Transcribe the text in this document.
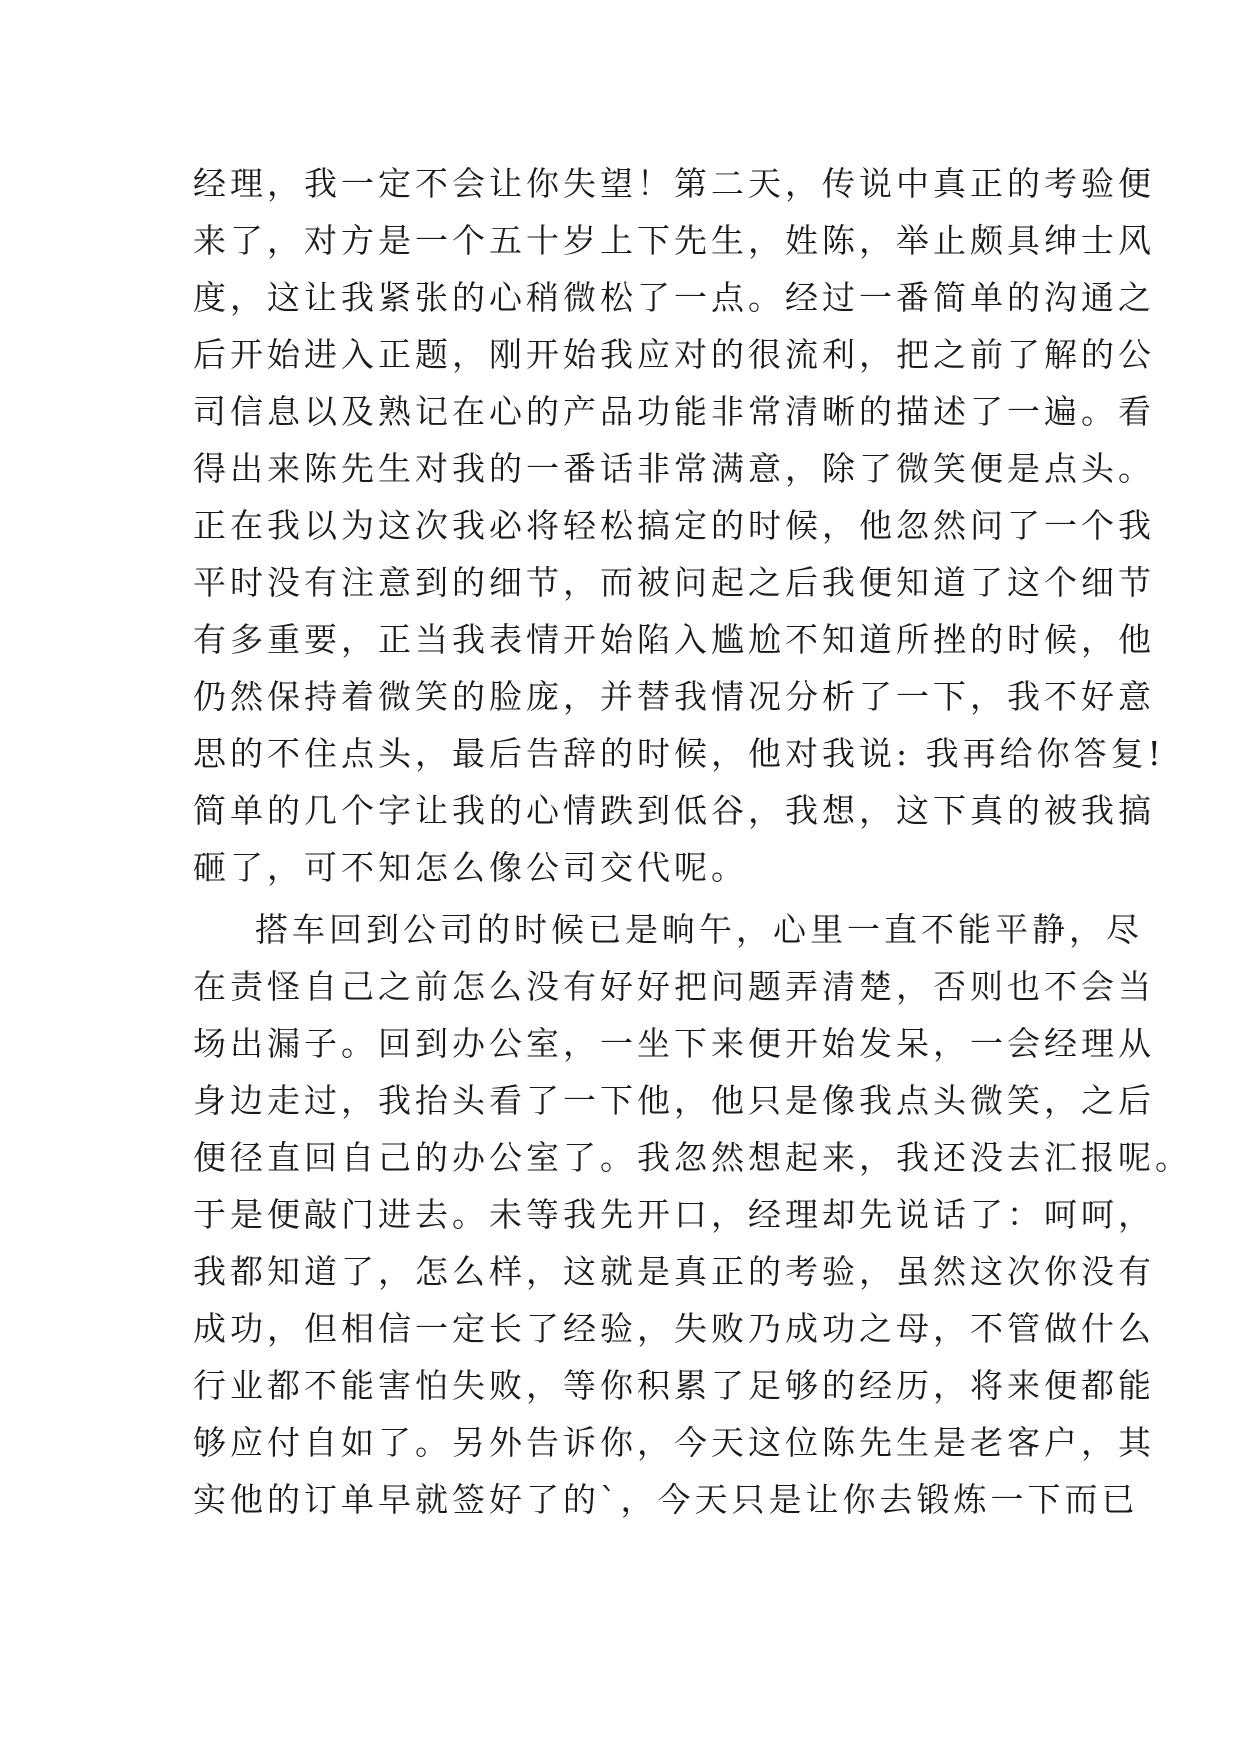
经理，我一定不会让你失望！第二天，传说中真正的考验便
来了，对方是一个五十岁上下先生，姓陈，举止颇具绅士风
度，这让我紧张的心稍微松了一点。经过一番简单的沟通之
后开始进入正题，刚开始我应对的很流利，把之前了解的公
司信息以及熟记在心的产品功能非常清晰的描述了一遍。看
得出来陈先生对我的一番话非常满意，除了微笑便是点头。
正在我以为这次我必将轻松搞定的时候，他忽然问了一个我
平时没有注意到的细节，而被问起之后我便知道了这个细节
有多重要，正当我表情开始陷入尴尬不知道所挫的时候，他
仍然保持着微笑的脸庞，并替我情况分析了一下，我不好意
思的不住点头，最后告辞的时候，他对我说: 我再给你答复!
简单的几个字让我的心情跌到低谷，我想，这下真的被我搞
砸了，可不知怎么像公司交代呢。
搭车回到公司的时候已是晌午，心里一直不能平静，尽
在责怪自己之前怎么没有好好把问题弄清楚，否则也不会当
场出漏子。回到办公室，一坐下来便开始发呆，一会经理从
身边走过，我抬头看了一下他，他只是像我点头微笑，之后
便径直回自己的办公室了。我忽然想起来，我还没去汇报呢。
于是便敲门进去。未等我先开口，经理却先说话了：呵呵，
我都知道了，怎么样，这就是真正的考验，虽然这次你没有
成功，但相信一定长了经验，失败乃成功之母，不管做什么
行业都不能害怕失败，等你积累了足够的经历，将来便都能
够应付自如了。另外告诉你，今天这位陈先生是老客户，其
实他的订单早就签好了的`，今天只是让你去锻炼一下而已
